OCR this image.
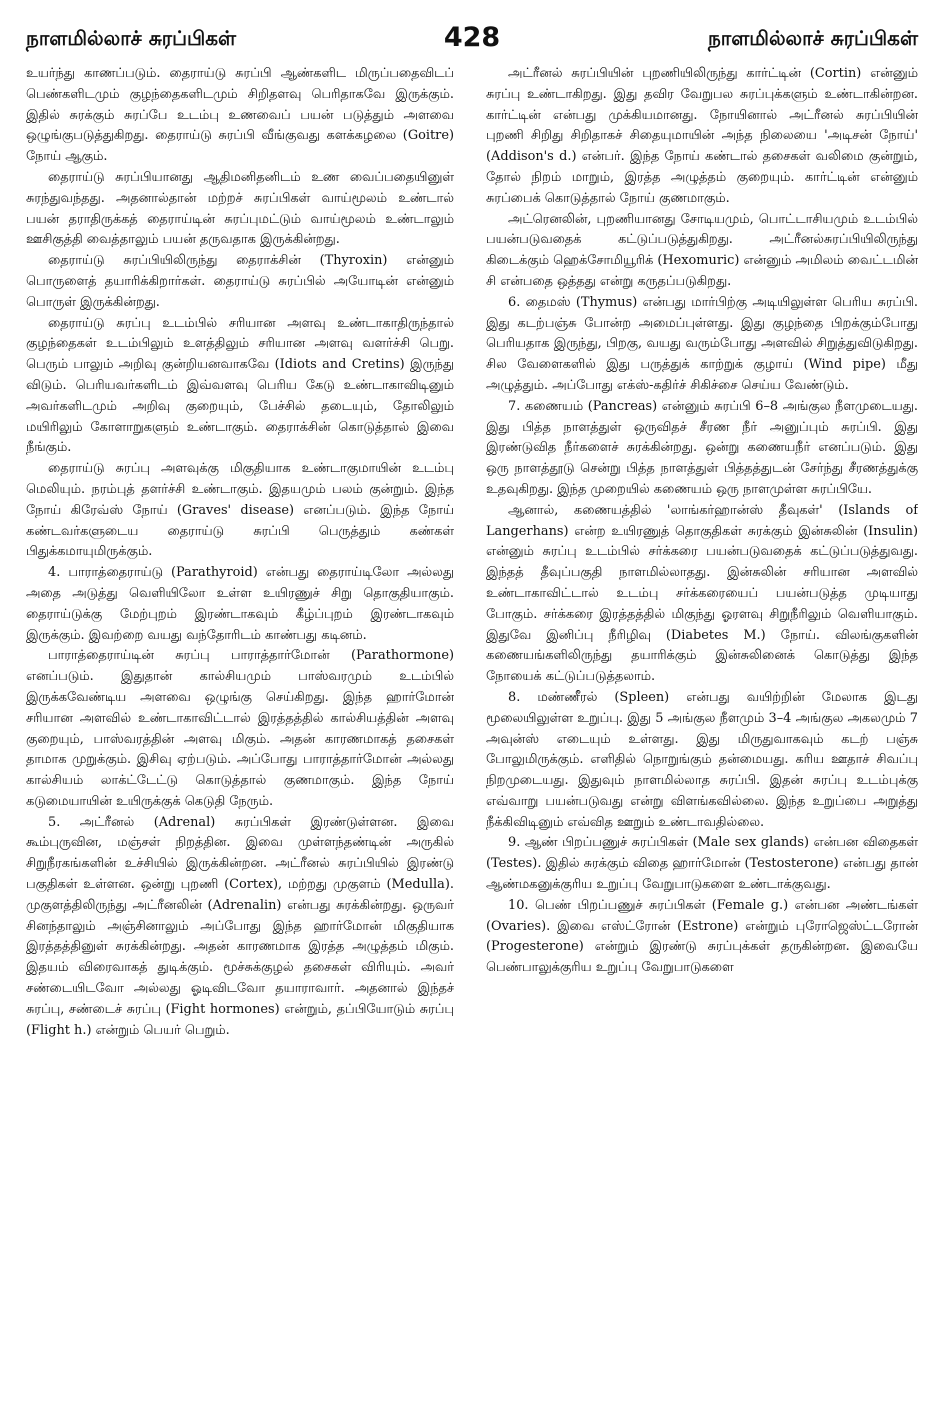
நாளமில்லாச் சுரப்பிகள்	428	நாளமில்லாச் சுரப்பிகள்

உயர்ந்து காணப்படும். தைராய்டு சுரப்பி ஆண்களிட மிருப்பதைவிடப் பெண்களிடமும் குழந்தைகளிடமும் சிறிதளவு பெரிதாகவே இருக்கும். இதில் சுரக்கும் சுரப்பே உடம்பு உணவைப் பயன் படுத்தும் அளவை ஒழுங்குபடுத்துகிறது. தைராய்டு சுரப்பி வீங்குவது களக்கழலை (Goitre) நோய் ஆகும்.

தைராய்டு சுரப்பியானது ஆதிமனிதனிடம் உண வைப்பதையினுள் சுரந்துவந்தது. அதனால்தான் மற்றச் சுரப்பிகள் வாய்மூலம் உண்டால் பயன் தராதிருக்கத் தைராய்டின் சுரப்புமட்டும் வாய்மூலம் உண்டாலும் ஊசிகுத்தி வைத்தாலும் பயன் தருவதாக இருக்கின்றது.

தைராய்டு சுரப்பியிலிருந்து தைராக்சின் (Thyroxin) என்னும் பொருளைத் தயாரிக்கிறார்கள். தைராய்டு சுரப்பில் அயோடின் என்னும் பொருள் இருக்கின்றது.

தைராய்டு சுரப்பு உடம்பில் சரியான அளவு உண்டாகாதிருந்தால் குழந்தைகள் உடம்பிலும் உளத்திலும் சரியான அளவு வளர்ச்சி பெறு. பெரும் பாலும் அறிவு குன்றியனவாகவே (Idiots and Cretins) இருந்து விடும். பெரியவர்களிடம் இவ்வளவு பெரிய கேடு உண்டாகாவிடினும் அவர்களிடமும் அறிவு குறையும், பேச்சில் தடையும், தோலிலும் மயிரிலும் கோளாறுகளும் உண்டாகும். தைராக்சின் கொடுத்தால் இவை நீங்கும்.

தைராய்டு சுரப்பு அளவுக்கு மிகுதியாக உண்டாகுமாயின் உடம்பு மெலியும். நரம்புத் தளர்ச்சி உண்டாகும். இதயமும் பலம் குன்றும். இந்த நோய் கிரேவ்ஸ் நோய் (Graves' disease) எனப்படும். இந்த நோய் கண்டவர்களுடைய தைராய்டு சுரப்பி பெருத்தும் கண்கள் பிதுக்கமாயுமிருக்கும்.

4. பாராத்தைராய்டு (Parathyroid) என்பது தைராய்டிலோ அல்லது அதை அடுத்து வெளியிலோ உள்ள உயிரணுச் சிறு தொகுதியாகும். தைராய்டுக்கு மேற்புறம் இரண்டாகவும் கீழ்ப்புறம் இரண்டாகவும் இருக்கும். இவற்றை வயது வந்தோரிடம் காண்பது கடினம்.

பாராத்தைராய்டின் சுரப்பு பாராத்தார்மோன் (Parathormone) எனப்படும். இதுதான் கால்சியமும் பாஸ்வரமும் உடம்பில் இருக்கவேண்டிய அளவை ஒழுங்கு செய்கிறது. இந்த ஹார்மோன் சரியான அளவில் உண்டாகாவிட்டால் இரத்தத்தில் கால்சியத்தின் அளவு குறையும், பாஸ்வரத்தின் அளவு மிகும். அதன் காரணமாகத் தசைகள் தாமாக முறுக்கும். இசிவு ஏற்படும். அப்போது பாராத்தார்மோன் அல்லது கால்சியம் லாக்ட்டேட்டு கொடுத்தால் குணமாகும். இந்த நோய் கடுமையாயின் உயிருக்குக் கெடுதி நேரும்.

5. அட்ரீனல் (Adrenal) சுரப்பிகள் இரண்டுள்ளன. இவை கூம்புருவின, மஞ்சள் நிறத்தின. இவை முள்ளந்தண்டின் அருகில் சிறுநீரகங்களின் உச்சியில் இருக்கின்றன. அட்ரீனல் சுரப்பியில் இரண்டு பகுதிகள் உள்ளன. ஒன்று புறணி (Cortex), மற்றது முகுளம் (Medulla). முகுளத்திலிருந்து அட்ரீனலின் (Adrenalin) என்பது சுரக்கின்றது. ஒருவர் சினந்தாலும் அஞ்சினாலும் அப்போது இந்த ஹார்மோன் மிகுதியாக இரத்தத்தினுள் சுரக்கின்றது. அதன் காரணமாக இரத்த அழுத்தம் மிகும். இதயம் விரைவாகத் துடிக்கும். மூச்சுக்குழல் தசைகள் விரியும். அவர் சண்டையிடவோ அல்லது ஓடிவிடவோ தயாராவார். அதனால் இந்தச் சுரப்பு, சண்டைச் சுரப்பு (Fight hormones) என்றும், தப்பியோடும் சுரப்பு (Flight h.) என்றும் பெயர் பெறும்.

அட்ரீனல் சுரப்பியின் புறணியிலிருந்து கார்ட்டின் (Cortin) என்னும் சுரப்பு உண்டாகிறது. இது தவிர வேறுபல சுரப்புக்களும் உண்டாகின்றன. கார்ட்டின் என்பது முக்கியமானது. நோயினால் அட்ரீனல் சுரப்பியின் புறணி சிறிது சிறிதாகச் சிதையுமாயின் அந்த நிலையை 'அடிசன் நோய்' (Addison's d.) என்பர். இந்த நோய் கண்டால் தசைகள் வலிமை குன்றும், தோல் நிறம் மாறும், இரத்த அழுத்தம் குறையும். கார்ட்டின் என்னும் சுரப்பைக் கொடுத்தால் நோய் குணமாகும்.

அட்ரெனலின், புறணியானது சோடியமும், பொட்டாசியமும் உடம்பில் பயன்படுவதைக் கட்டுப்படுத்துகிறது. அட்ரீனல்சுரப்பியிலிருந்து கிடைக்கும் ஹெக்சோமியூரிக் (Hexomuric) என்னும் அமிலம் வைட்டமின் சி என்பதை ஒத்தது என்று கருதப்படுகிறது.

6. தைமஸ் (Thymus) என்பது மார்பிற்கு அடியிலுள்ள பெரிய சுரப்பி. இது கடற்பஞ்சு போன்ற அமைப்புள்ளது. இது குழந்தை பிறக்கும்போது பெரியதாக இருந்து, பிறகு, வயது வரும்போது அளவில் சிறுத்துவிடுகிறது. சில வேளைகளில் இது பருத்துக் காற்றுக் குழாய் (Wind pipe) மீது அழுத்தும். அப்போது எக்ஸ்-கதிர்ச் சிகிச்சை செய்ய வேண்டும்.

7. கணையம் (Pancreas) என்னும் சுரப்பி 6–8 அங்குல நீளமுடையது. இது பித்த நாளத்துள் ஒருவிதச் சீரண நீர் அனுப்பும் சுரப்பி. இது இரண்டுவித நீர்களைச் சுரக்கின்றது. ஒன்று கணையநீர் எனப்படும். இது ஒரு நாளத்தூடு சென்று பித்த நாளத்துள் பித்தத்துடன் சேர்ந்து சீரணத்துக்கு உதவுகிறது. இந்த முறையில் கணையம் ஒரு நாளமுள்ள சுரப்பியே.

ஆனால், கணையத்தில் 'லாங்கர்ஹான்ஸ் தீவுகள்' (Islands of Langerhans) என்ற உயிரணுத் தொகுதிகள் சுரக்கும் இன்சுலின் (Insulin) என்னும் சுரப்பு உடம்பில் சர்க்கரை பயன்படுவதைக் கட்டுப்படுத்துவது. இந்தத் தீவுப்பகுதி நாளமில்லாதது. இன்சுலின் சரியான அளவில் உண்டாகாவிட்டால் உடம்பு சர்க்கரையைப் பயன்படுத்த முடியாது போகும். சர்க்கரை இரத்தத்தில் மிகுந்து ஓரளவு சிறுநீரிலும் வெளியாகும். இதுவே இனிப்பு நீரிழிவு (Diabetes M.) நோய். விலங்குகளின் கணையங்களிலிருந்து தயாரிக்கும் இன்சுலினைக் கொடுத்து இந்த நோயைக் கட்டுப்படுத்தலாம்.

8. மண்ணீரல் (Spleen) என்பது வயிற்றின் மேலாக இடது மூலையிலுள்ள உறுப்பு. இது 5 அங்குல நீளமும் 3–4 அங்குல அகலமும் 7 அவுன்ஸ் எடையும் உள்ளது. இது மிருதுவாகவும் கடற் பஞ்சு போலுமிருக்கும். எளிதில் நொறுங்கும் தன்மையது. கரிய ஊதாச் சிவப்பு நிறமுடையது. இதுவும் நாளமில்லாத சுரப்பி. இதன் சுரப்பு உடம்புக்கு எவ்வாறு பயன்படுவது என்று விளங்கவில்லை. இந்த உறுப்பை அறுத்து நீக்கிவிடினும் எவ்வித ஊறும் உண்டாவதில்லை.

9. ஆண் பிறப்பணுச் சுரப்பிகள் (Male sex glands) என்பன விதைகள் (Testes). இதில் சுரக்கும் விதை ஹார்மோன் (Testosterone) என்பது தான் ஆண்மகனுக்குரிய உறுப்பு வேறுபாடுகளை உண்டாக்குவது.

10. பெண் பிறப்பணுச் சுரப்பிகள் (Female g.) என்பன அண்டங்கள் (Ovaries). இவை எஸ்ட்ரோன் (Estrone) என்றும் புரோஜெஸ்ட்டரோன் (Progesterone) என்றும் இரண்டு சுரப்புக்கள் தருகின்றன. இவையே பெண்பாலுக்குரிய உறுப்பு வேறுபாடுகளை
